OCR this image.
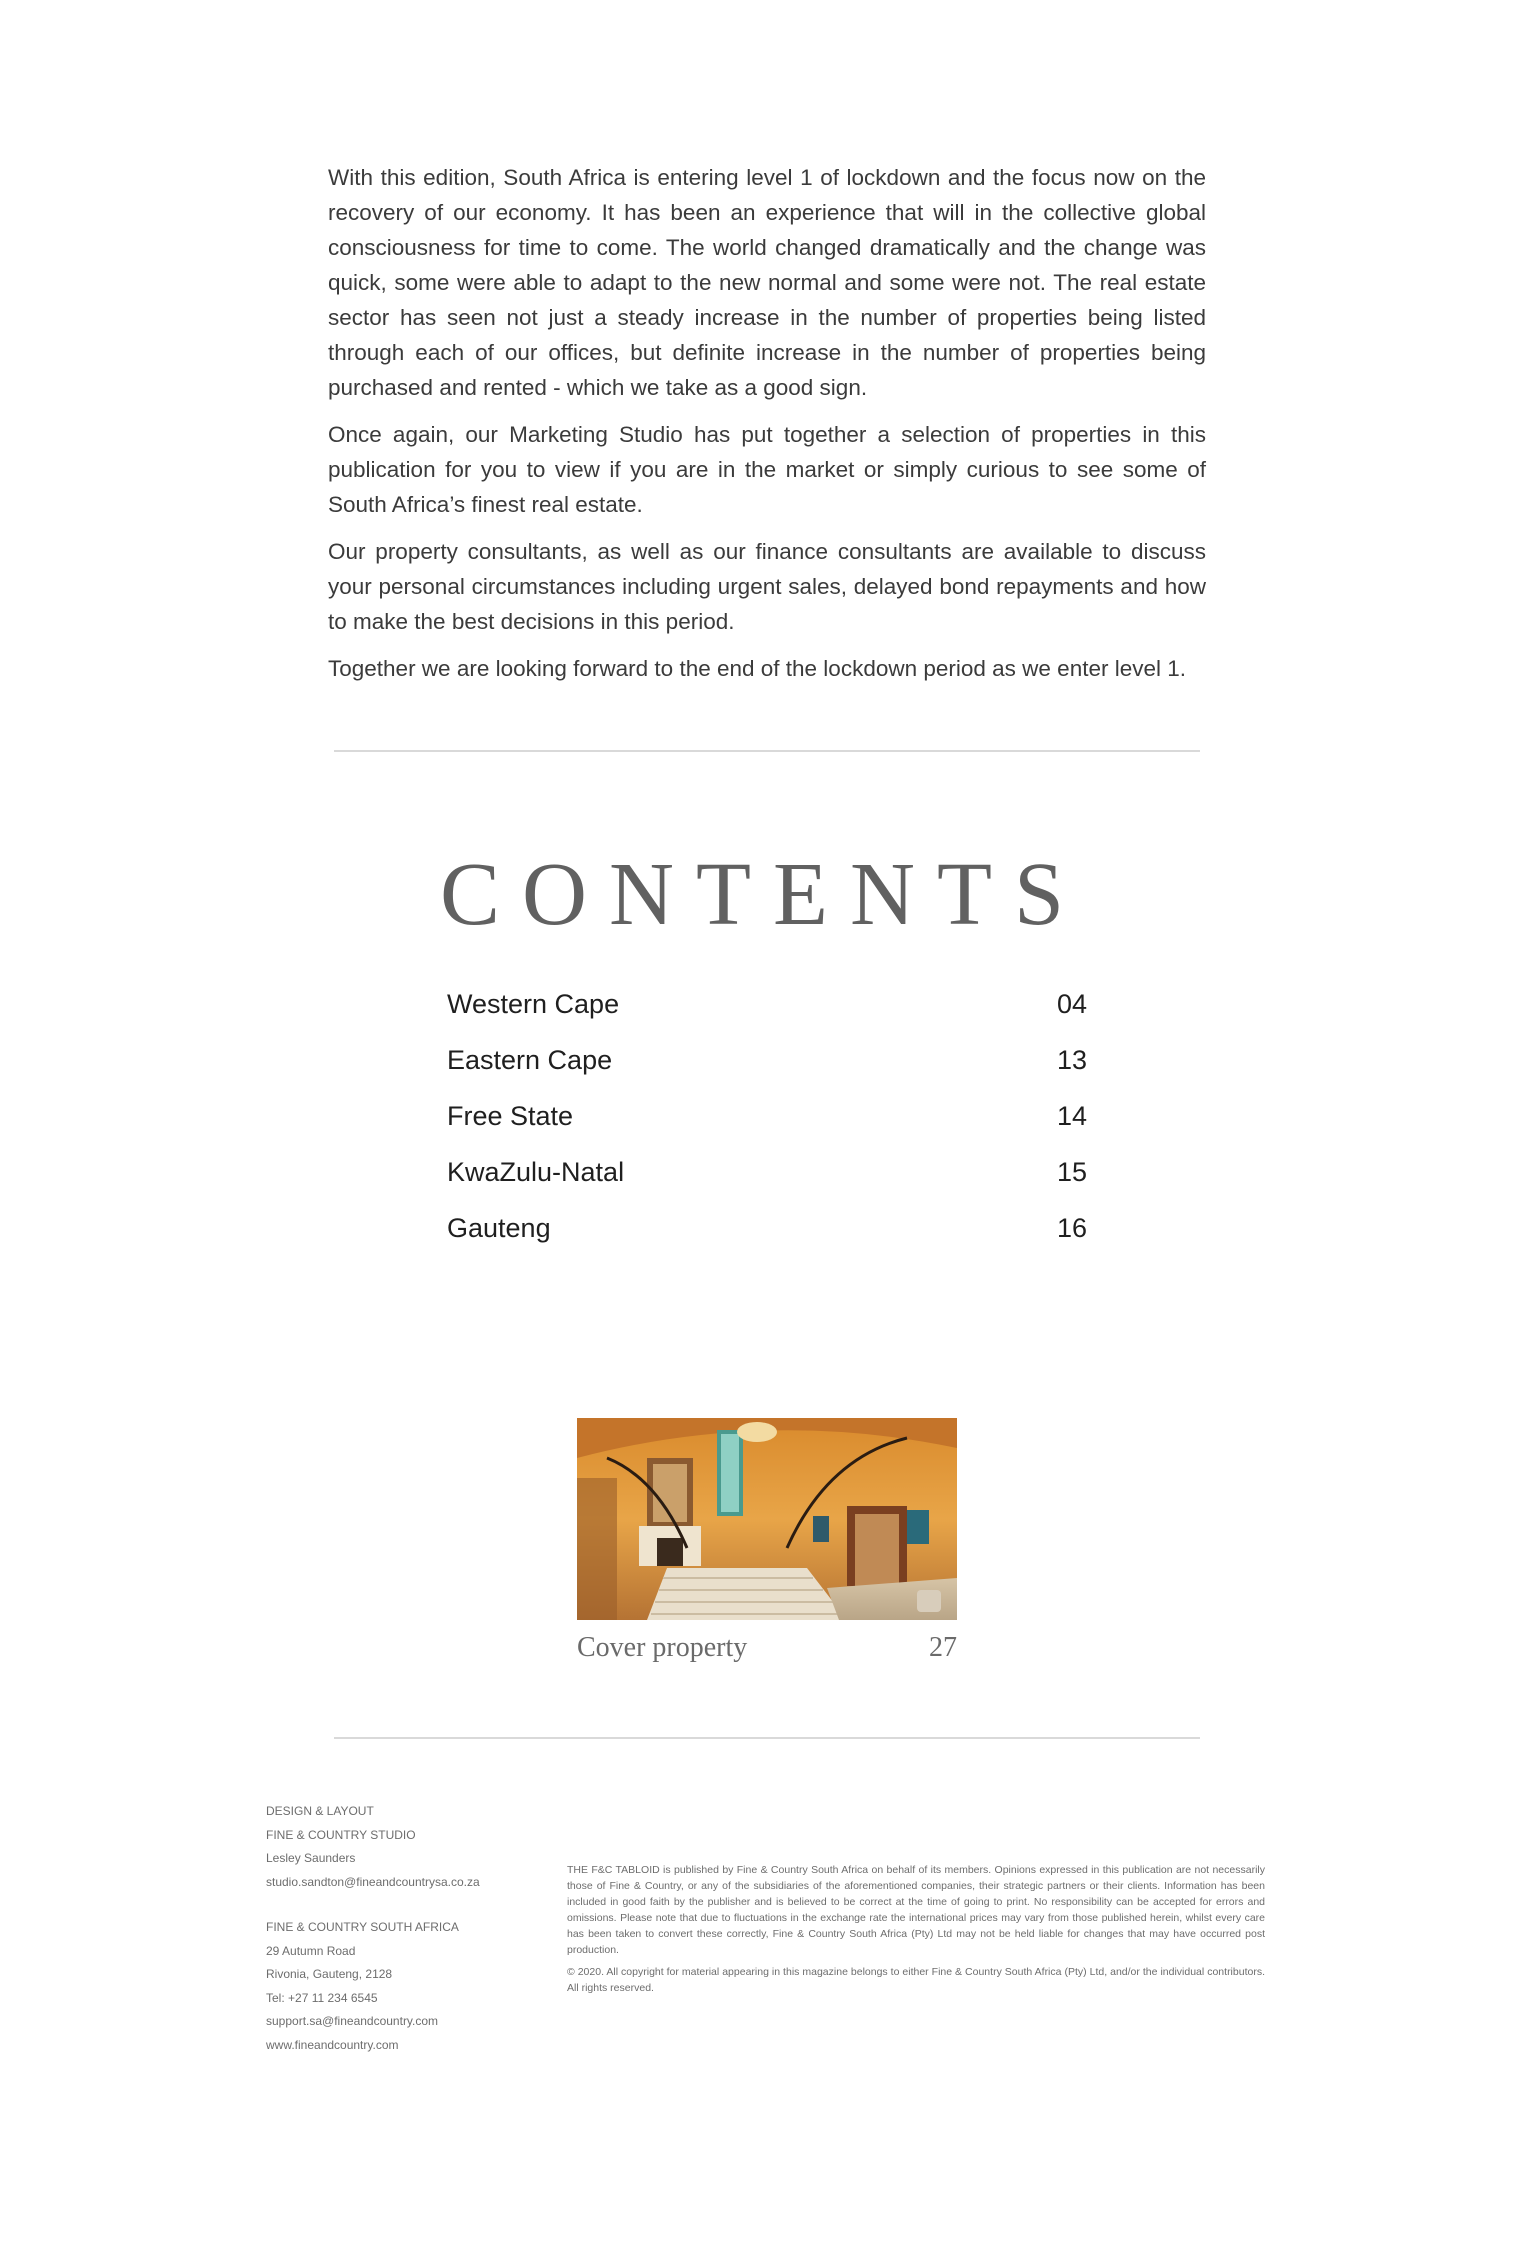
With this edition, South Africa is entering level 1 of lockdown and the focus now on the recovery of our economy. It has been an experience that will in the collective global consciousness for time to come. The world changed dramatically and the change was quick, some were able to adapt to the new normal and some were not. The real estate sector has seen not just a steady increase in the number of properties being listed through each of our offices, but definite increase in the number of properties being purchased and rented - which we take as a good sign.

Once again, our Marketing Studio has put together a selection of properties in this publication for you to view if you are in the market or simply curious to see some of South Africa’s finest real estate.

Our property consultants, as well as our finance consultants are available to discuss your personal circumstances including urgent sales, delayed bond repayments and how to make the best decisions in this period.

Together we are looking forward to the end of the lockdown period as we enter level 1.

CONTENTS
Western Cape	04
Eastern Cape	13
Free State	14
KwaZulu-Natal	15
Gauteng	16
Cover property	27
DESIGN & LAYOUT
FINE & COUNTRY STUDIO
Lesley Saunders
studio.sandton@fineandcountrysa.co.za
FINE & COUNTRY SOUTH AFRICA
29 Autumn Road
Rivonia, Gauteng, 2128
Tel: +27 11 234 6545
support.sa@fineandcountry.com
www.fineandcountry.com

THE F&C TABLOID is published by Fine & Country South Africa on behalf of its members. Opinions expressed in this publication are not necessarily those of Fine & Country, or any of the subsidiaries of the aforementioned companies, their strategic partners or their clients. Information has been included in good faith by the publisher and is believed to be correct at the time of going to print. No responsibility can be accepted for errors and omissions. Please note that due to fluctuations in the exchange rate the international prices may vary from those published herein, whilst every care has been taken to convert these correctly, Fine & Country South Africa (Pty) Ltd may not be held liable for changes that may have occurred post production.

© 2020. All copyright for material appearing in this magazine belongs to either Fine & Country South Africa (Pty) Ltd, and/or the individual contributors. All rights reserved.
